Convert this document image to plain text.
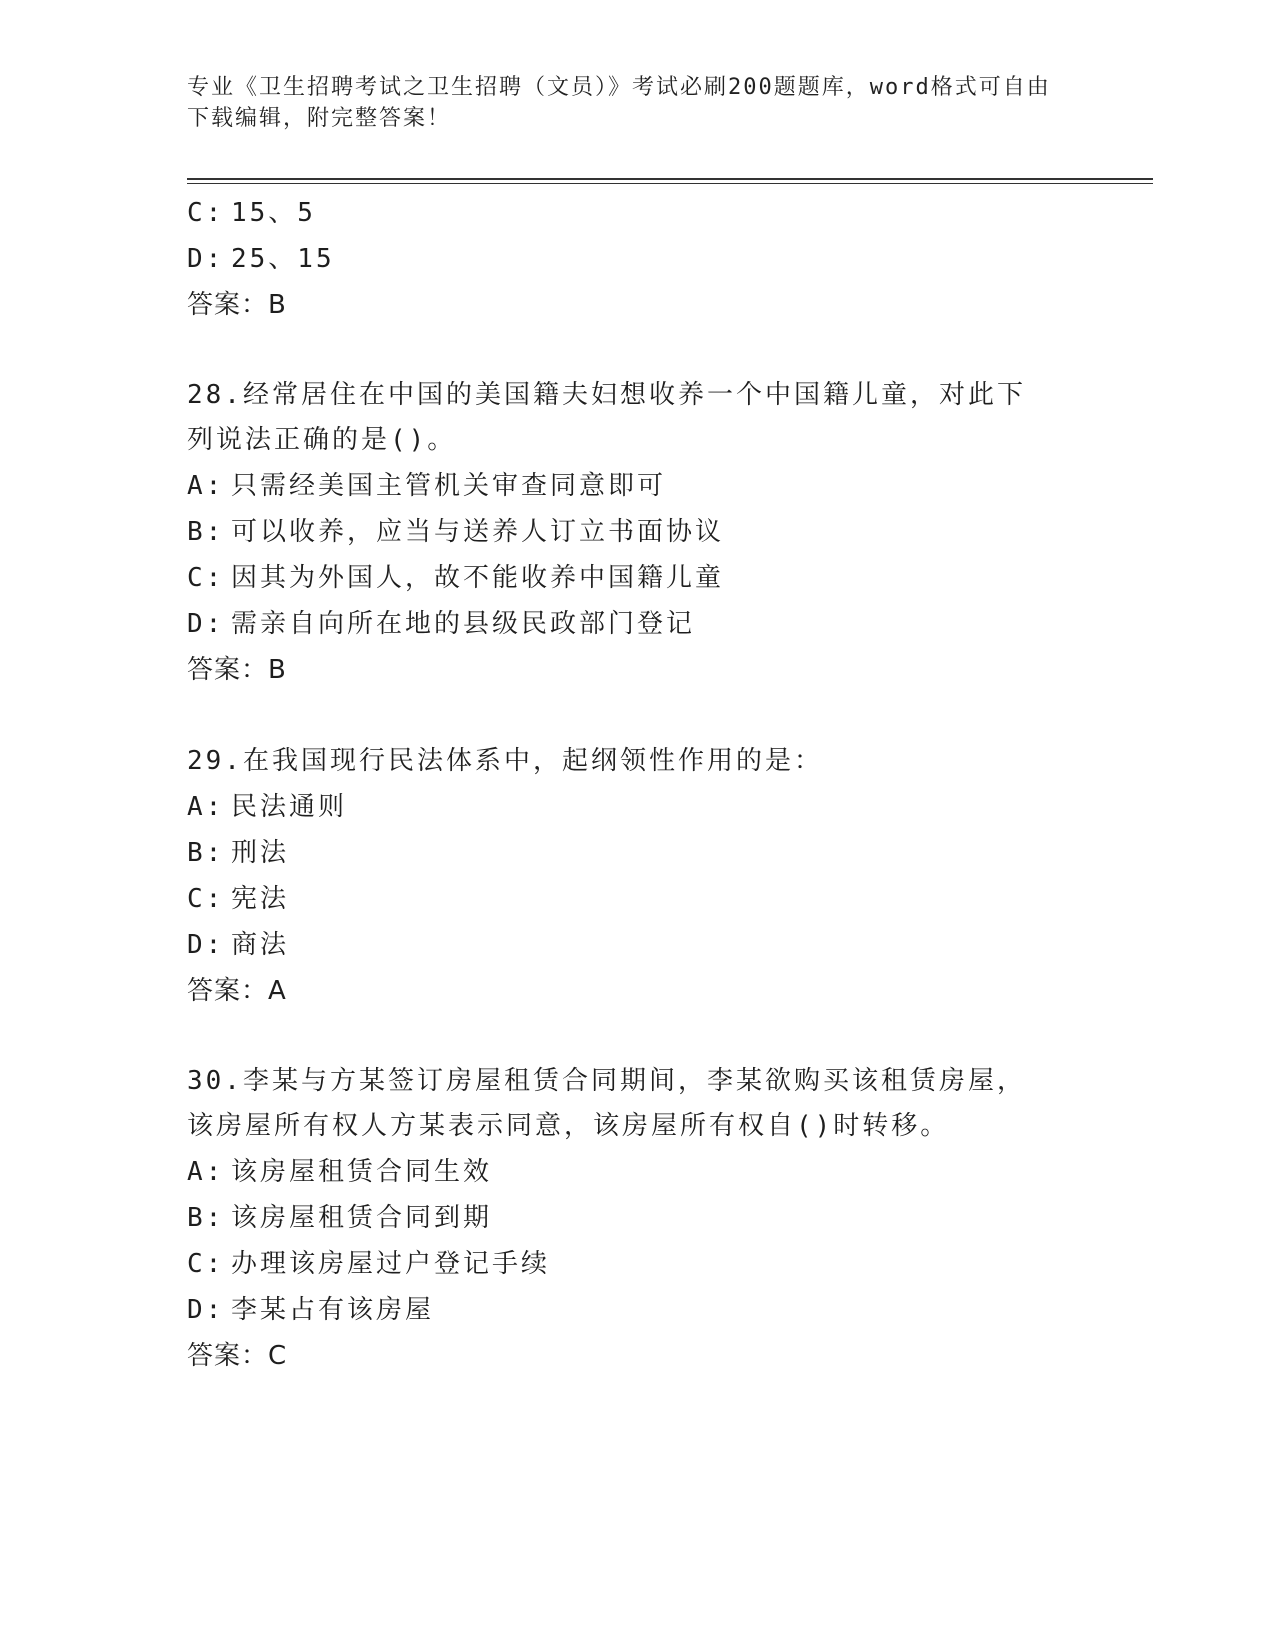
专业《卫生招聘考试之卫生招聘（文员）》考试必刷200题题库，word格式可自由下载编辑，附完整答案！
C: 15、5
D: 25、15
答案：B
28.经常居住在中国的美国籍夫妇想收养一个中国籍儿童，对此下列说法正确的是()。
A: 只需经美国主管机关审查同意即可
B: 可以收养，应当与送养人订立书面协议
C: 因其为外国人，故不能收养中国籍儿童
D: 需亲自向所在地的县级民政部门登记
答案：B
29.在我国现行民法体系中，起纲领性作用的是：
A: 民法通则
B: 刑法
C: 宪法
D: 商法
答案：A
30.李某与方某签订房屋租赁合同期间，李某欲购买该租赁房屋，该房屋所有权人方某表示同意，该房屋所有权自()时转移。
A: 该房屋租赁合同生效
B: 该房屋租赁合同到期
C: 办理该房屋过户登记手续
D: 李某占有该房屋
答案：C
